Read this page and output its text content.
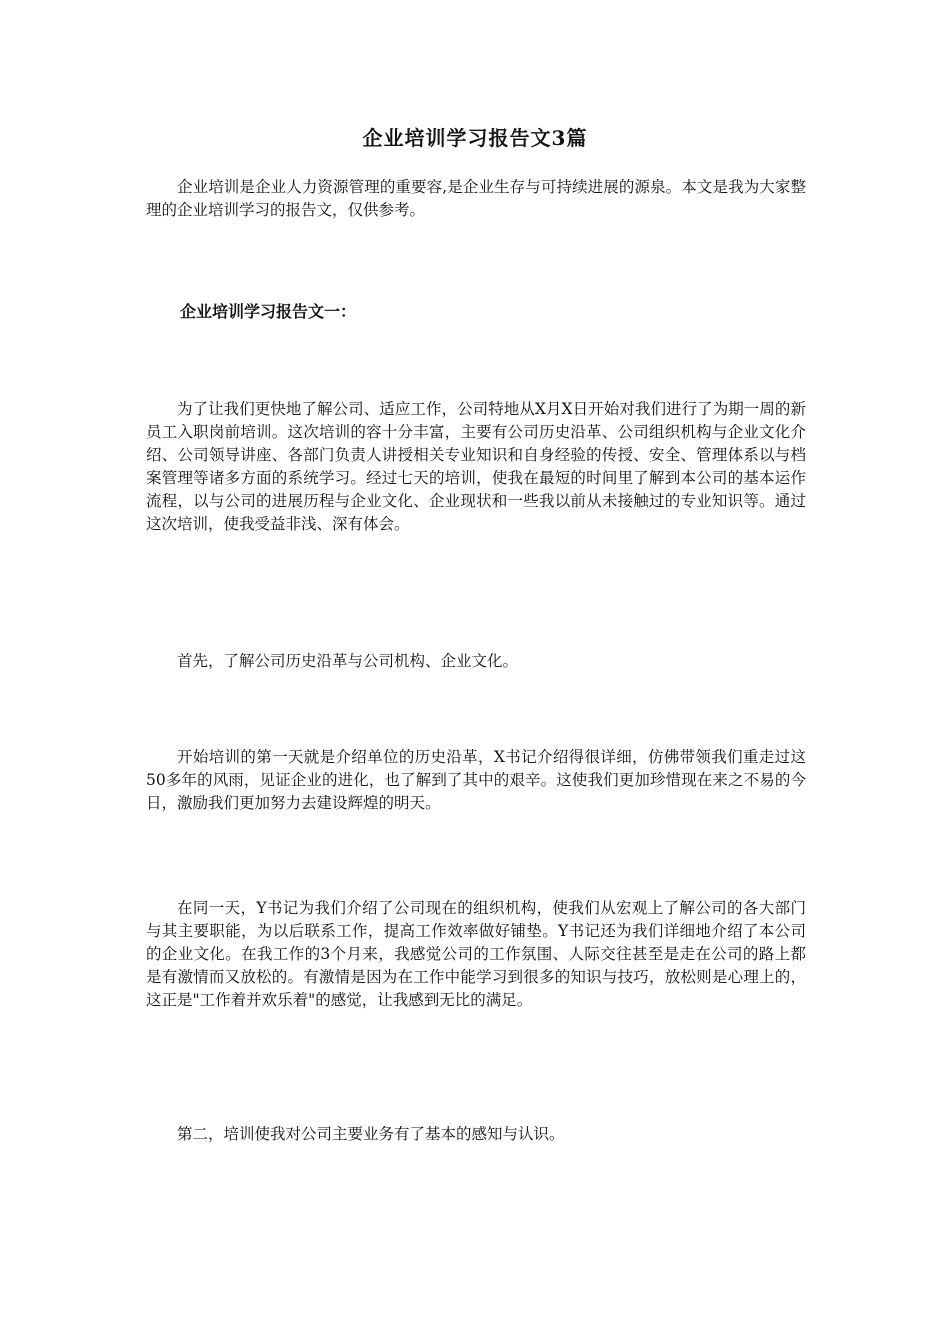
企业培训学习报告文3篇

企业培训是企业人力资源管理的重要容,是企业生存与可持续进展的源泉。本文是我为大家整理的企业培训学习的报告文，仅供参考。

企业培训学习报告文一：

为了让我们更快地了解公司、适应工作，公司特地从X月X日开始对我们进行了为期一周的新员工入职岗前培训。这次培训的容十分丰富，主要有公司历史沿革、公司组织机构与企业文化介绍、公司领导讲座、各部门负责人讲授相关专业知识和自身经验的传授、安全、管理体系以与档案管理等诸多方面的系统学习。经过七天的培训，使我在最短的时间里了解到本公司的基本运作流程，以与公司的进展历程与企业文化、企业现状和一些我以前从未接触过的专业知识等。通过这次培训，使我受益非浅、深有体会。

首先，了解公司历史沿革与公司机构、企业文化。

开始培训的第一天就是介绍单位的历史沿革，X书记介绍得很详细，仿佛带领我们重走过这50多年的风雨，见证企业的进化，也了解到了其中的艰辛。这使我们更加珍惜现在来之不易的今日，激励我们更加努力去建设辉煌的明天。

在同一天，Y书记为我们介绍了公司现在的组织机构，使我们从宏观上了解公司的各大部门与其主要职能，为以后联系工作，提高工作效率做好铺垫。Y书记还为我们详细地介绍了本公司的企业文化。在我工作的3个月来，我感觉公司的工作氛围、人际交往甚至是走在公司的路上都是有激情而又放松的。有激情是因为在工作中能学习到很多的知识与技巧，放松则是心理上的，这正是"工作着并欢乐着"的感觉，让我感到无比的满足。

第二，培训使我对公司主要业务有了基本的感知与认识。
